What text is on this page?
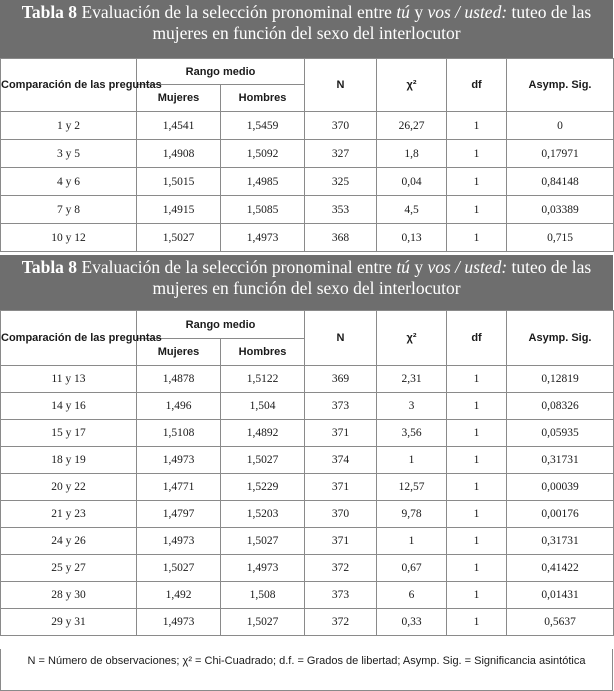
Tabla 8 Evaluación de la selección pronominal entre tú y vos / usted: tuteo de las mujeres en función del sexo del interlocutor
Comparación de las preguntas	Rango medio		N	χ²	df	Asymp. Sig.
	Mujeres	Hombres				
1 y 2	1,4541	1,5459	370	26,27	1	0
3 y 5	1,4908	1,5092	327	1,8	1	0,17971
4 y 6	1,5015	1,4985	325	0,04	1	0,84148
7 y 8	1,4915	1,5085	353	4,5	1	0,03389
10 y 12	1,5027	1,4973	368	0,13	1	0,715
Tabla 8 Evaluación de la selección pronominal entre tú y vos / usted: tuteo de las mujeres en función del sexo del interlocutor
Comparación de las preguntas	Rango medio		N	χ²	df	Asymp. Sig.
	Mujeres	Hombres				
11 y 13	1,4878	1,5122	369	2,31	1	0,12819
14 y 16	1,496	1,504	373	3	1	0,08326
15 y 17	1,5108	1,4892	371	3,56	1	0,05935
18 y 19	1,4973	1,5027	374	1	1	0,31731
20 y 22	1,4771	1,5229	371	12,57	1	0,00039
21 y 23	1,4797	1,5203	370	9,78	1	0,00176
24 y 26	1,4973	1,5027	371	1	1	0,31731
25 y 27	1,5027	1,4973	372	0,67	1	0,41422
28 y 30	1,492	1,508	373	6	1	0,01431
29 y 31	1,4973	1,5027	372	0,33	1	0,5637
N = Número de observaciones; χ² = Chi-Cuadrado; d.f. = Grados de libertad; Asymp. Sig. = Significancia asintótica
